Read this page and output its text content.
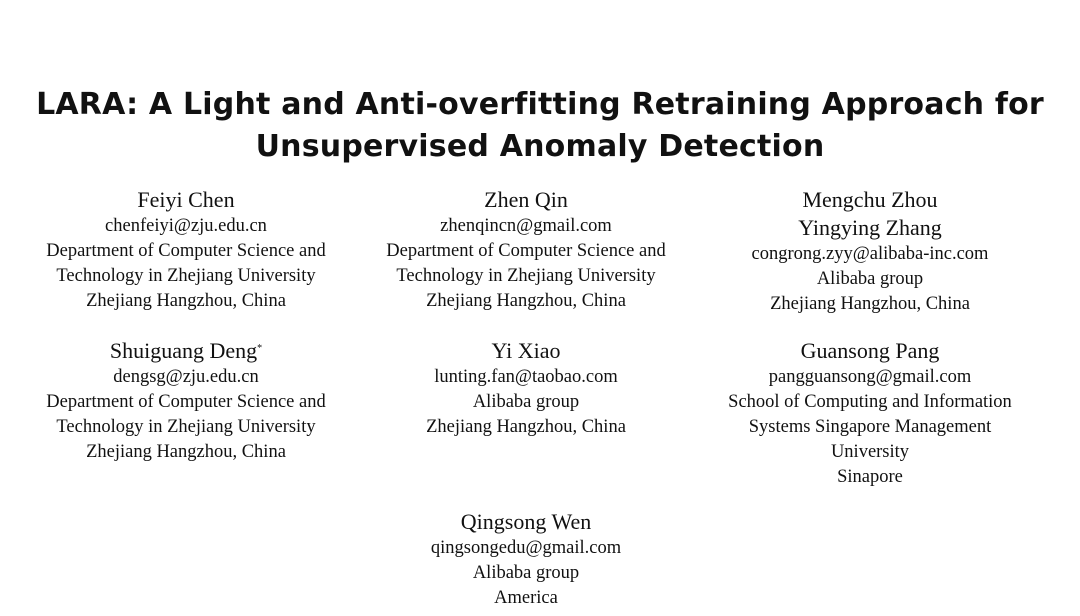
LARA: A Light and Anti-overfitting Retraining Approach for
Unsupervised Anomaly Detection
Feiyi Chen
chenfeiyi@zju.edu.cn
Department of Computer Science and
Technology in Zhejiang University
Zhejiang Hangzhou, China
Zhen Qin
zhenqincn@gmail.com
Department of Computer Science and
Technology in Zhejiang University
Zhejiang Hangzhou, China
Mengchu Zhou
Yingying Zhang
congrong.zyy@alibaba-inc.com
Alibaba group
Zhejiang Hangzhou, China
Shuiguang Deng*
dengsg@zju.edu.cn
Department of Computer Science and
Technology in Zhejiang University
Zhejiang Hangzhou, China
Yi Xiao
lunting.fan@taobao.com
Alibaba group
Zhejiang Hangzhou, China
Guansong Pang
pangguansong@gmail.com
School of Computing and Information
Systems Singapore Management
University
Sinapore
Qingsong Wen
qingsongedu@gmail.com
Alibaba group
America
